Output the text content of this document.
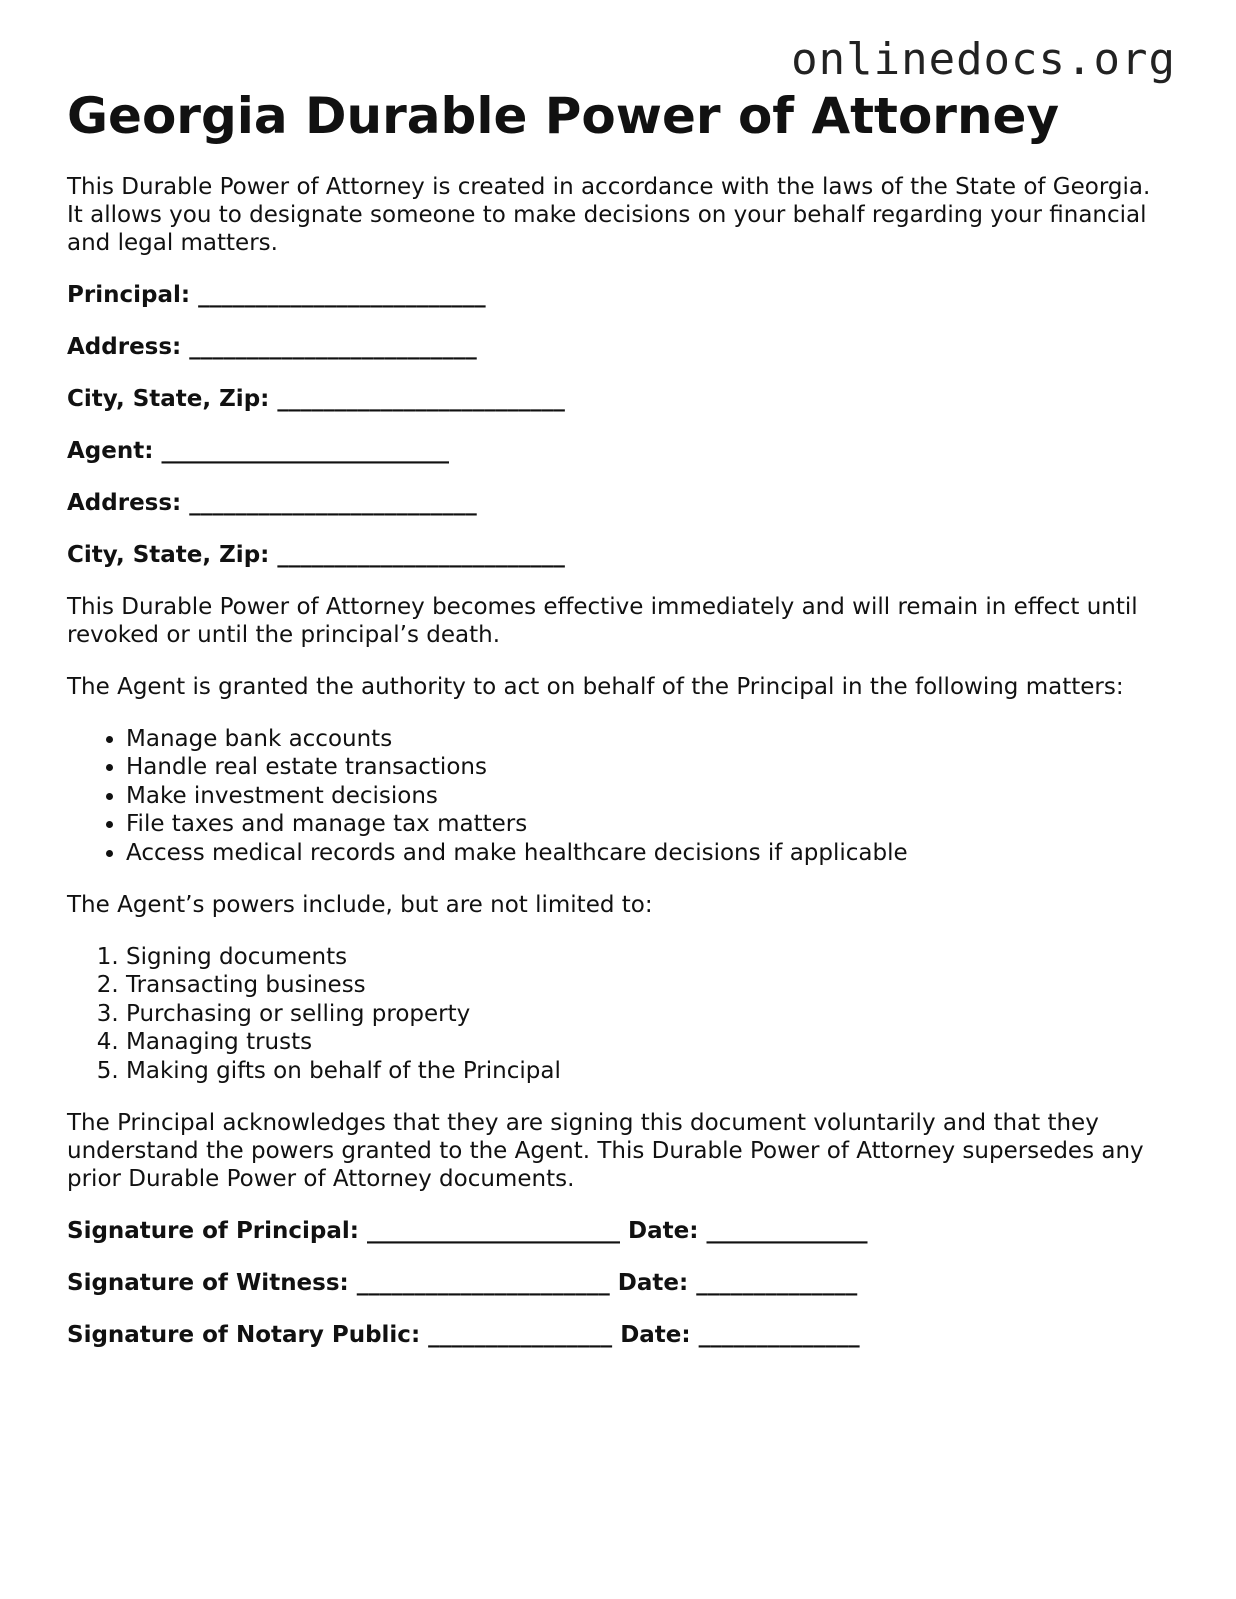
onlinedocs.org
Georgia Durable Power of Attorney

This Durable Power of Attorney is created in accordance with the laws of the State of Georgia. It allows you to designate someone to make decisions on your behalf regarding your financial and legal matters.

Principal: _________________________
Address: _________________________
City, State, Zip: _________________________
Agent: _________________________
Address: _________________________
City, State, Zip: _________________________

This Durable Power of Attorney becomes effective immediately and will remain in effect until revoked or until the principal’s death.

The Agent is granted the authority to act on behalf of the Principal in the following matters:

• Manage bank accounts
• Handle real estate transactions
• Make investment decisions
• File taxes and manage tax matters
• Access medical records and make healthcare decisions if applicable

The Agent’s powers include, but are not limited to:

1. Signing documents
2. Transacting business
3. Purchasing or selling property
4. Managing trusts
5. Making gifts on behalf of the Principal

The Principal acknowledges that they are signing this document voluntarily and that they understand the powers granted to the Agent. This Durable Power of Attorney supersedes any prior Durable Power of Attorney documents.

Signature of Principal: ______________________ Date: ______________
Signature of Witness: ______________________ Date: ______________
Signature of Notary Public: ________________ Date: ______________
